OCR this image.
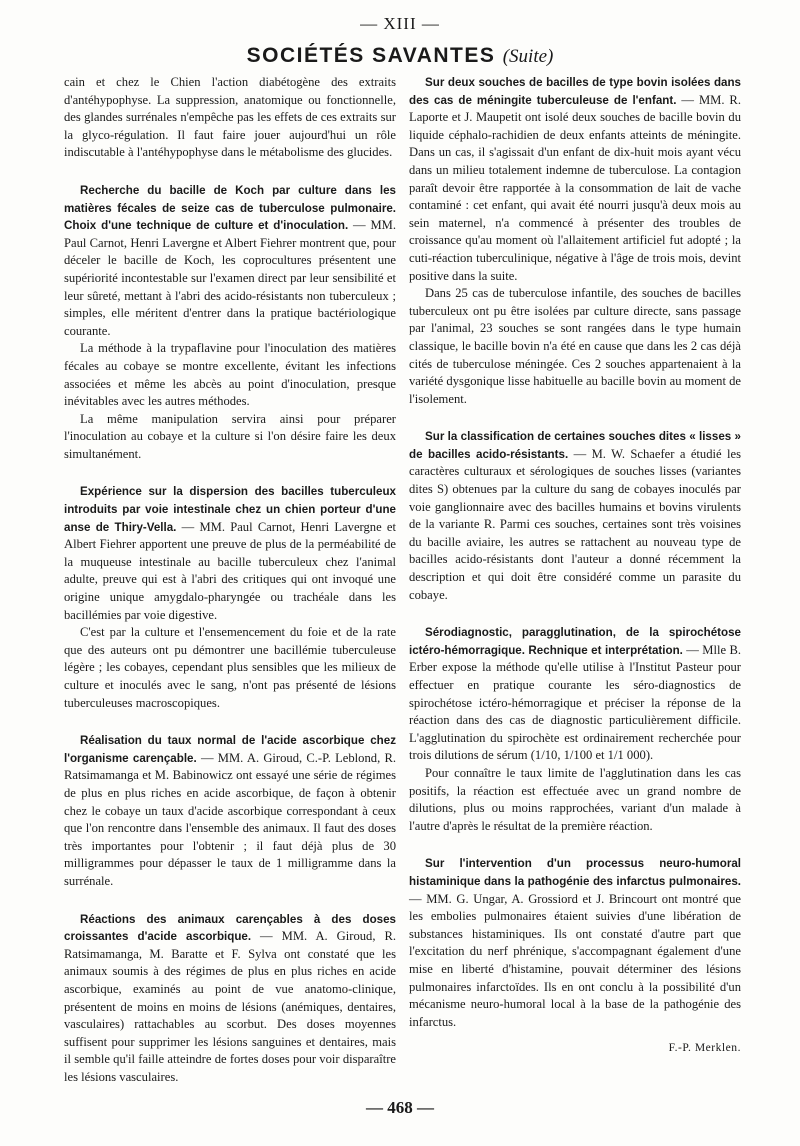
— XIII —
SOCIÉTÉS SAVANTES (Suite)

cain et chez le Chien l'action diabétogène des extraits d'antéhypophyse. La suppression, anatomique ou fonctionnelle, des glandes surrénales n'empêche pas les effets de ces extraits sur la glyco-régulation. Il faut faire jouer aujourd'hui un rôle indiscutable à l'antéhypophyse dans le métabolisme des glucides.

Recherche du bacille de Koch par culture dans les matières fécales de seize cas de tuberculose pulmonaire. Choix d'une technique de culture et d'inoculation. — MM. Paul Carnot, Henri Lavergne et Albert Fiehrer montrent que, pour déceler le bacille de Koch, les coprocultures présentent une supériorité incontestable sur l'examen direct par leur sensibilité et leur sûreté, mettant à l'abri des acido-résistants non tuberculeux ; simples, elle méritent d'entrer dans la pratique bactériologique courante.

La méthode à la trypaflavine pour l'inoculation des matières fécales au cobaye se montre excellente, évitant les infections associées et même les abcès au point d'inoculation, presque inévitables avec les autres méthodes.

La même manipulation servira ainsi pour préparer l'inoculation au cobaye et la culture si l'on désire faire les deux simultanément.

Expérience sur la dispersion des bacilles tuberculeux introduits par voie intestinale chez un chien porteur d'une anse de Thiry-Vella. — MM. Paul Carnot, Henri Lavergne et Albert Fiehrer apportent une preuve de plus de la perméabilité de la muqueuse intestinale au bacille tuberculeux chez l'animal adulte, preuve qui est à l'abri des critiques qui ont invoqué une origine unique amygdalo-pharyngée ou trachéale dans les bacillémies par voie digestive.

C'est par la culture et l'ensemencement du foie et de la rate que des auteurs ont pu démontrer une bacillémie tuberculeuse légère ; les cobayes, cependant plus sensibles que les milieux de culture et inoculés avec le sang, n'ont pas présenté de lésions tuberculeuses macroscopiques.

Réalisation du taux normal de l'acide ascorbique chez l'organisme carençable. — MM. A. Giroud, C.-P. Leblond, R. Ratsimamanga et M. Babinowicz ont essayé une série de régimes de plus en plus riches en acide ascorbique, de façon à obtenir chez le cobaye un taux d'acide ascorbique correspondant à ceux que l'on rencontre dans l'ensemble des animaux. Il faut des doses très importantes pour l'obtenir ; il faut déjà plus de 30 milligrammes pour dépasser le taux de 1 milligramme dans la surrénale.

Réactions des animaux carençables à des doses croissantes d'acide ascorbique. — MM. A. Giroud, R. Ratsimamanga, M. Baratte et F. Sylva ont constaté que les animaux soumis à des régimes de plus en plus riches en acide ascorbique, examinés au point de vue anatomo-clinique, présentent de moins en moins de lésions (anémiques, dentaires, vasculaires) rattachables au scorbut. Des doses moyennes suffisent pour supprimer les lésions sanguines et dentaires, mais il semble qu'il faille atteindre de fortes doses pour voir disparaître les lésions vasculaires.

Sur deux souches de bacilles de type bovin isolées dans des cas de méningite tuberculeuse de l'enfant. — MM. R. Laporte et J. Maupetit ont isolé deux souches de bacille bovin du liquide céphalo-rachidien de deux enfants atteints de méningite. Dans un cas, il s'agissait d'un enfant de dix-huit mois ayant vécu dans un milieu totalement indemne de tuberculose. La contagion paraît devoir être rapportée à la consommation de lait de vache contaminé : cet enfant, qui avait été nourri jusqu'à deux mois au sein maternel, n'a commencé à présenter des troubles de croissance qu'au moment où l'allaitement artificiel fut adopté ; la cuti-réaction tuberculinique, négative à l'âge de trois mois, devint positive dans la suite.

Dans 25 cas de tuberculose infantile, des souches de bacilles tuberculeux ont pu être isolées par culture directe, sans passage par l'animal, 23 souches se sont rangées dans le type humain classique, le bacille bovin n'a été en cause que dans les 2 cas déjà cités de tuberculose méningée. Ces 2 souches appartenaient à la variété dysgonique lisse habituelle au bacille bovin au moment de l'isolement.

Sur la classification de certaines souches dites « lisses » de bacilles acido-résistants. — M. W. Schaefer a étudié les caractères culturaux et sérologiques de souches lisses (variantes dites S) obtenues par la culture du sang de cobayes inoculés par voie ganglionnaire avec des bacilles humains et bovins virulents de la variante R. Parmi ces souches, certaines sont très voisines du bacille aviaire, les autres se rattachent au nouveau type de bacilles acido-résistants dont l'auteur a donné récemment la description et qui doit être considéré comme un parasite du cobaye.

Sérodiagnostic, paragglutination, de la spirochétose ictéro-hémorragique. Rechnique et interprétation. — Mlle B. Erber expose la méthode qu'elle utilise à l'Institut Pasteur pour effectuer en pratique courante les séro-diagnostics de spirochétose ictéro-hémorragique et préciser la réponse de la réaction dans des cas de diagnostic particulièrement difficile. L'agglutination du spirochète est ordinairement recherchée pour trois dilutions de sérum (1/10, 1/100 et 1/1 000).

Pour connaître le taux limite de l'agglutination dans les cas positifs, la réaction est effectuée avec un grand nombre de dilutions, plus ou moins rapprochées, variant d'un malade à l'autre d'après le résultat de la première réaction.

Sur l'intervention d'un processus neuro-humoral histaminique dans la pathogénie des infarctus pulmonaires. — MM. G. Ungar, A. Grossiord et J. Brincourt ont montré que les embolies pulmonaires étaient suivies d'une libération de substances histaminiques. Ils ont constaté d'autre part que l'excitation du nerf phrénique, s'accompagnant également d'une mise en liberté d'histamine, pouvait déterminer des lésions pulmonaires infarctoïdes. Ils en ont conclu à la possibilité d'un mécanisme neuro-humoral local à la base de la pathogénie des infarctus.

F.-P. Merklen.
— 468 —
